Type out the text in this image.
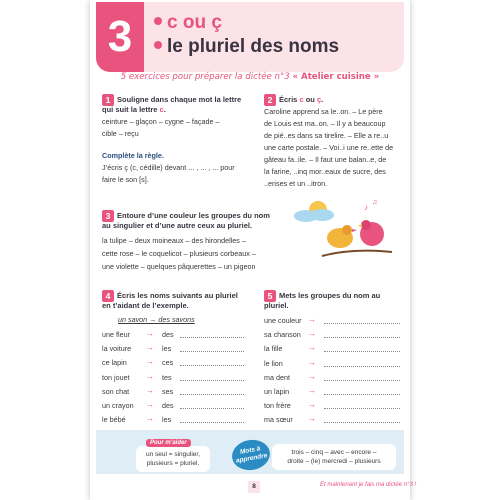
3	c ou ç
le pluriel des noms
5 exercices pour préparer la dictée n°3 « Atelier cuisine »
1 Souligne dans chaque mot la lettre
qui suit la lettre c.
ceinture – glaçon – cygne – façade –
cible – reçu
Complète la règle.
J’écris ç (c, cédille) devant ... , ... , ... pour
faire le son [s].
2 Écris c ou ç.
Caroline apprend sa le..on. – Le père
de Louis est ma..on. – Il y a beaucoup
de pié..es dans sa tirelire. – Elle a re..u
une carte postale. – Voi..i une re..ette de
gâteau fa..ile. – Il faut une balan..e, de
la farine, ..inq mor..eaux de sucre, des
..erises et un ..itron.
3 Entoure d’une couleur les groupes du nom
au singulier et d’une autre ceux au pluriel.
la tulipe – deux moineaux – des hirondelles –
cette rose – le coquelicot – plusieurs corbeaux –
une violette – quelques pâquerettes – un pigeon
♪
♫
4 Écris les noms suivants au pluriel
en t’aidant de l’exemple.
un savon → des savons
une fleur → des
la voiture → les
ce lapin → ces
ton jouet → tes
son chat → ses
un crayon → des
le bébé	→ les
5 Mets les groupes du nom au
pluriel.
une couleur →
sa chanson →
la fille	→
le lion	→
ma dent →
un lapin →
ton frère →
ma sœur →
un seul = singulier,
plusieurs = pluriel.
Pour m’aider
Mots à apprendre	trois – cinq – avec – encore –
droite – (le) mercredi – plusieurs
8	Et maintenant je fais ma dictée n°3 !
